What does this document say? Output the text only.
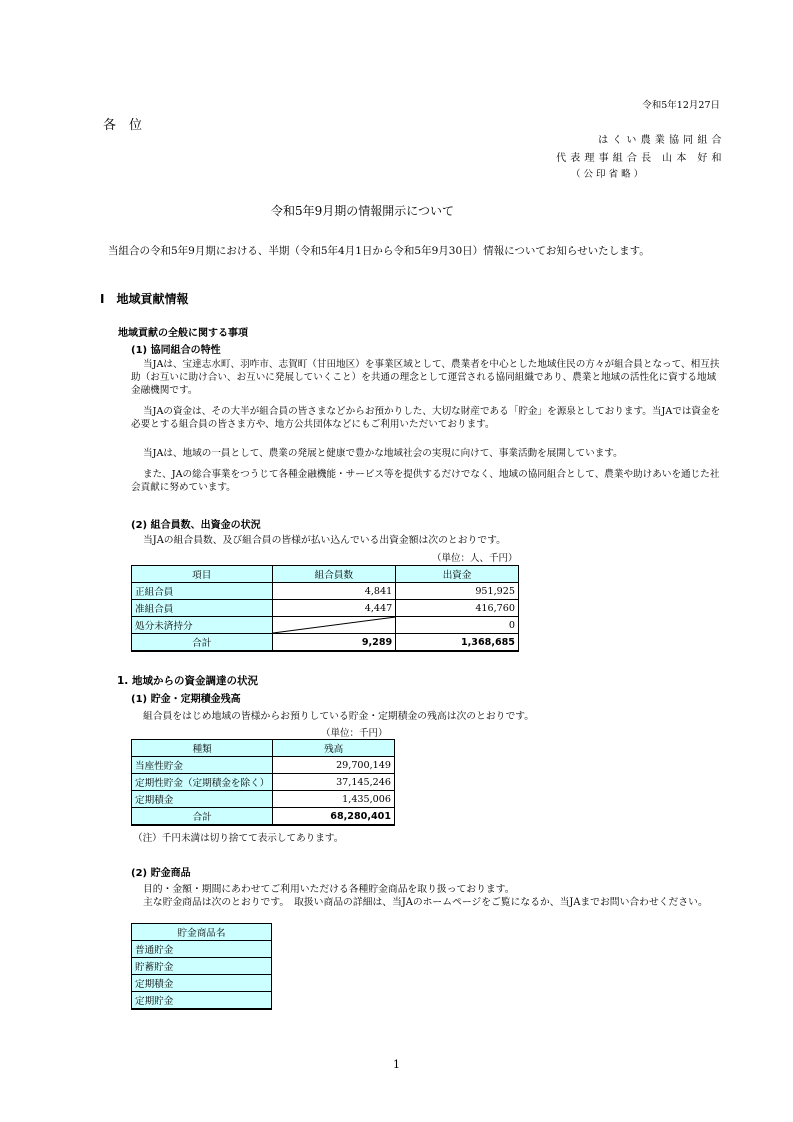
令和5年12月27日
各　位
は く い 農 業 協 同 組 合
代 表 理 事 組 合 長　山 本　好 和
（ 公 印 省 略 ）
令和5年9月期の情報開示について
当組合の令和5年9月期における、半期（令和5年4月1日から令和5年9月30日）情報についてお知らせいたします。
Ⅰ　地域貢献情報
地域貢献の全般に関する事項
(1) 協同組合の特性
当JAは、宝達志水町、羽咋市、志賀町（甘田地区）を事業区域として、農業者を中心とした地域住民の方々が組合員となって、相互扶助（お互いに助け合い、お互いに発展していくこと）を共通の理念として運営される協同組織であり、農業と地域の活性化に資する地域金融機関です。
当JAの資金は、その大半が組合員の皆さまなどからお預かりした、大切な財産である「貯金」を源泉としております。当JAでは資金を必要とする組合員の皆さま方や、地方公共団体などにもご利用いただいております。
当JAは、地域の一員として、農業の発展と健康で豊かな地域社会の実現に向けて、事業活動を展開しています。
また、JAの総合事業をつうじて各種金融機能・サービス等を提供するだけでなく、地域の協同組合として、農業や助けあいを通じた社会貢献に努めています。
(2) 組合員数、出資金の状況
当JAの組合員数、及び組合員の皆様が払い込んでいる出資金額は次のとおりです。
（単位：人、千円）
項目	組合員数	出資金
正組合員	4,841	951,925
准組合員	4,447	416,760
処分未済持分		0
合計	9,289	1,368,685
1. 地域からの資金調達の状況
(1) 貯金・定期積金残高
組合員をはじめ地域の皆様からお預りしている貯金・定期積金の残高は次のとおりです。
（単位：千円）
種類	残高
当座性貯金	29,700,149
定期性貯金（定期積金を除く）	37,145,246
定期積金	1,435,006
合計	68,280,401
（注）千円未満は切り捨てて表示してあります。
(2) 貯金商品
目的・金額・期間にあわせてご利用いただける各種貯金商品を取り扱っております。
主な貯金商品は次のとおりです。　取扱い商品の詳細は、当JAのホームページをご覧になるか、当JAまでお問い合わせください。
貯金商品名
普通貯金
貯蓄貯金
定期積金
定期貯金
1
